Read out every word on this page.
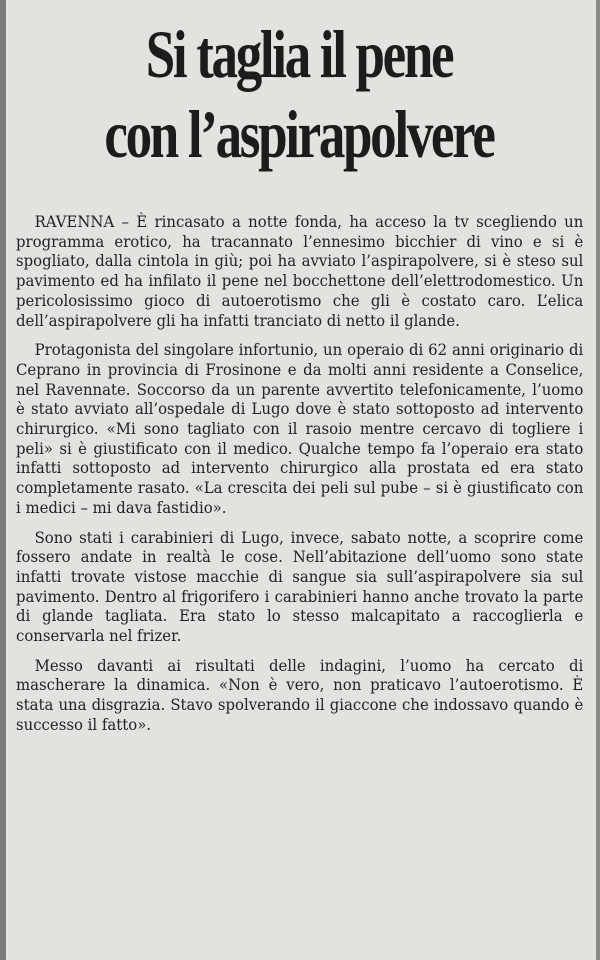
Si taglia il pene
con l’aspirapolvere

RAVENNA – È rincasato a notte fonda, ha acceso la tv scegliendo un programma erotico, ha tracannato l’ennesimo bicchier di vino e si è spogliato, dalla cintola in giù; poi ha avviato l’aspirapolvere, si è steso sul pavimento ed ha infilato il pene nel bocchettone dell’elettrodomestico. Un pericolosissimo gioco di autoerotismo che gli è costato caro. L’elica dell’aspirapolvere gli ha infatti tranciato di netto il glande.

Protagonista del singolare infortunio, un operaio di 62 anni originario di Ceprano in provincia di Frosinone e da molti anni residente a Conselice, nel Ravennate. Soccorso da un parente avvertito telefonicamente, l’uomo è stato avviato all’ospedale di Lugo dove è stato sottoposto ad intervento chirurgico. «Mi sono tagliato con il rasoio mentre cercavo di togliere i peli» si è giustificato con il medico. Qualche tempo fa l’operaio era stato infatti sottoposto ad intervento chirurgico alla prostata ed era stato completamente rasato. «La crescita dei peli sul pube – si è giustificato con i medici – mi dava fastidio».

Sono stati i carabinieri di Lugo, invece, sabato notte, a scoprire come fossero andate in realtà le cose. Nell’abitazione dell’uomo sono state infatti trovate vistose macchie di sangue sia sull’aspirapolvere sia sul pavimento. Dentro al frigorifero i carabinieri hanno anche trovato la parte di glande tagliata. Era stato lo stesso malcapitato a raccoglierla e conservarla nel frizer.

Messo davanti ai risultati delle indagini, l’uomo ha cercato di mascherare la dinamica. «Non è vero, non praticavo l’autoerotismo. È stata una disgrazia. Stavo spolverando il giaccone che indossavo quando è successo il fatto».
